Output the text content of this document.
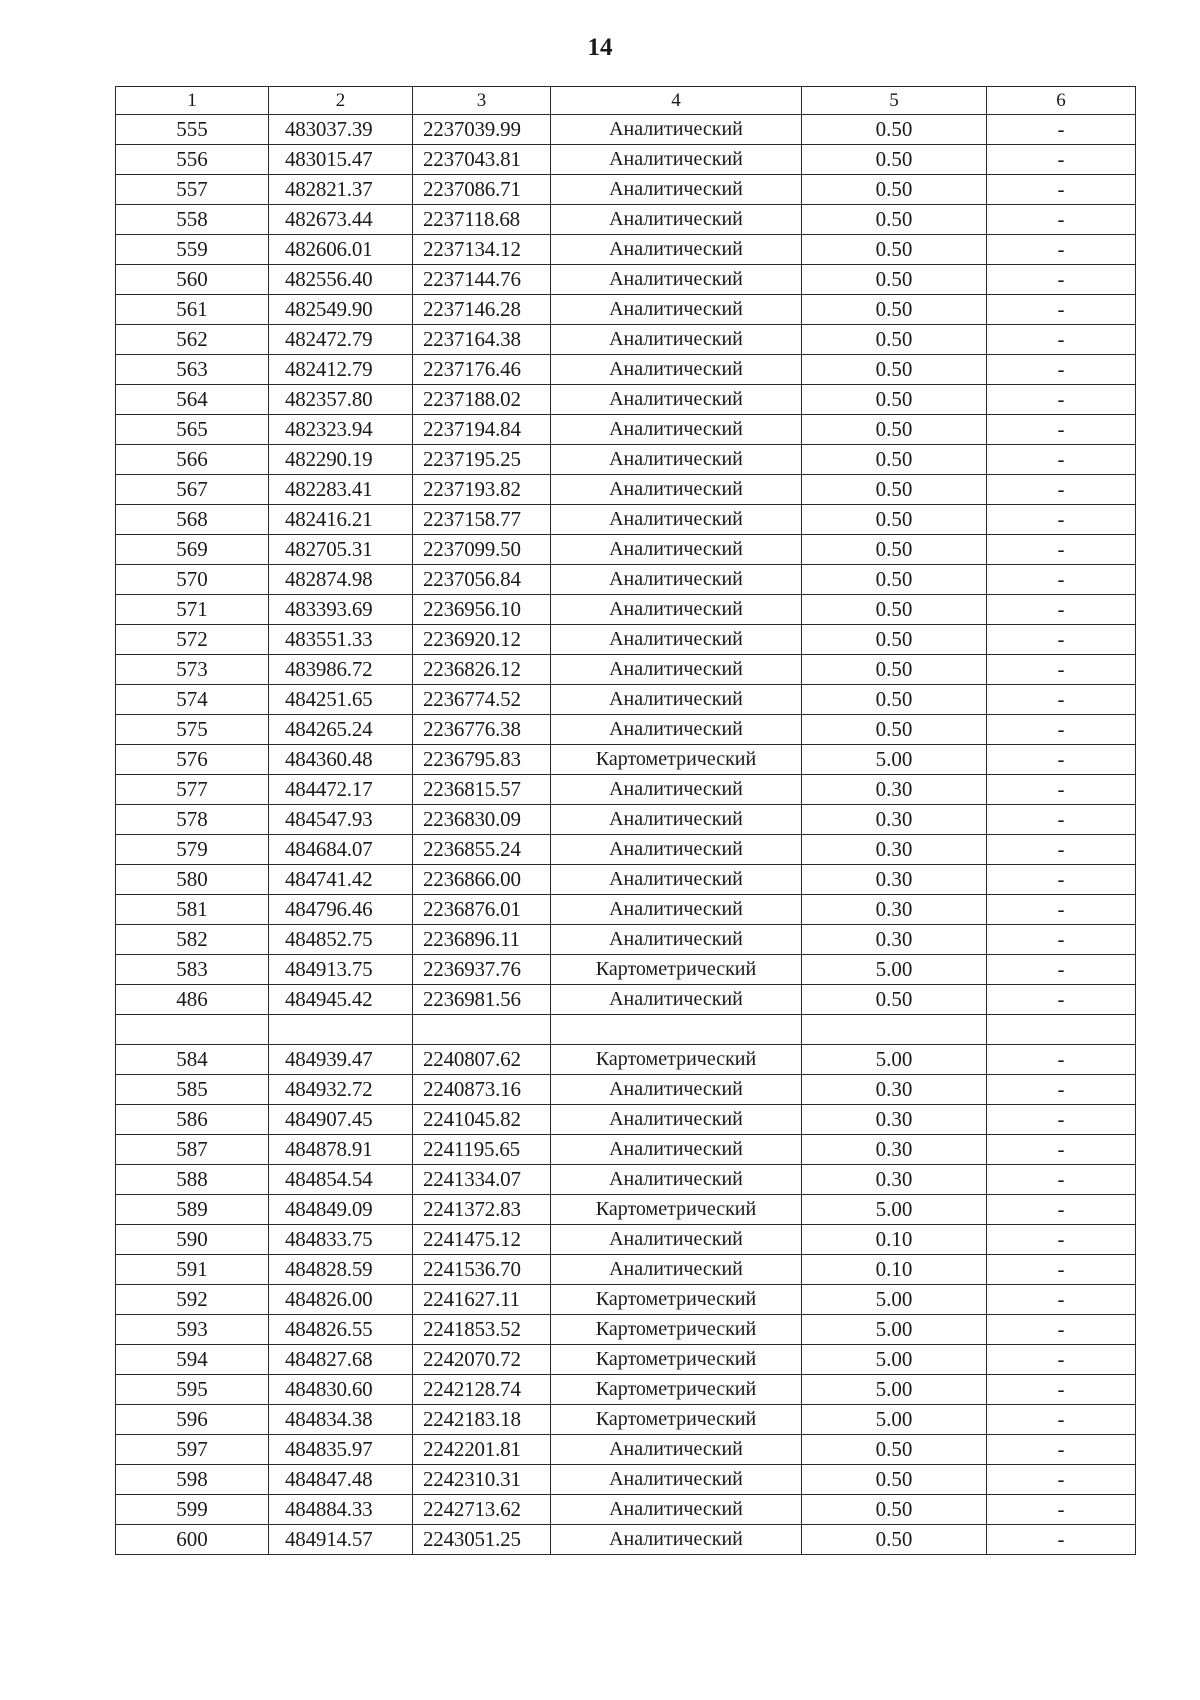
14
1	2	3	4	5	6
555	483037.39	2237039.99	Аналитический	0.50	-
556	483015.47	2237043.81	Аналитический	0.50	-
557	482821.37	2237086.71	Аналитический	0.50	-
558	482673.44	2237118.68	Аналитический	0.50	-
559	482606.01	2237134.12	Аналитический	0.50	-
560	482556.40	2237144.76	Аналитический	0.50	-
561	482549.90	2237146.28	Аналитический	0.50	-
562	482472.79	2237164.38	Аналитический	0.50	-
563	482412.79	2237176.46	Аналитический	0.50	-
564	482357.80	2237188.02	Аналитический	0.50	-
565	482323.94	2237194.84	Аналитический	0.50	-
566	482290.19	2237195.25	Аналитический	0.50	-
567	482283.41	2237193.82	Аналитический	0.50	-
568	482416.21	2237158.77	Аналитический	0.50	-
569	482705.31	2237099.50	Аналитический	0.50	-
570	482874.98	2237056.84	Аналитический	0.50	-
571	483393.69	2236956.10	Аналитический	0.50	-
572	483551.33	2236920.12	Аналитический	0.50	-
573	483986.72	2236826.12	Аналитический	0.50	-
574	484251.65	2236774.52	Аналитический	0.50	-
575	484265.24	2236776.38	Аналитический	0.50	-
576	484360.48	2236795.83	Картометрический	5.00	-
577	484472.17	2236815.57	Аналитический	0.30	-
578	484547.93	2236830.09	Аналитический	0.30	-
579	484684.07	2236855.24	Аналитический	0.30	-
580	484741.42	2236866.00	Аналитический	0.30	-
581	484796.46	2236876.01	Аналитический	0.30	-
582	484852.75	2236896.11	Аналитический	0.30	-
583	484913.75	2236937.76	Картометрический	5.00	-
486	484945.42	2236981.56	Аналитический	0.50	-

584	484939.47	2240807.62	Картометрический	5.00	-
585	484932.72	2240873.16	Аналитический	0.30	-
586	484907.45	2241045.82	Аналитический	0.30	-
587	484878.91	2241195.65	Аналитический	0.30	-
588	484854.54	2241334.07	Аналитический	0.30	-
589	484849.09	2241372.83	Картометрический	5.00	-
590	484833.75	2241475.12	Аналитический	0.10	-
591	484828.59	2241536.70	Аналитический	0.10	-
592	484826.00	2241627.11	Картометрический	5.00	-
593	484826.55	2241853.52	Картометрический	5.00	-
594	484827.68	2242070.72	Картометрический	5.00	-
595	484830.60	2242128.74	Картометрический	5.00	-
596	484834.38	2242183.18	Картометрический	5.00	-
597	484835.97	2242201.81	Аналитический	0.50	-
598	484847.48	2242310.31	Аналитический	0.50	-
599	484884.33	2242713.62	Аналитический	0.50	-
600	484914.57	2243051.25	Аналитический	0.50	-
